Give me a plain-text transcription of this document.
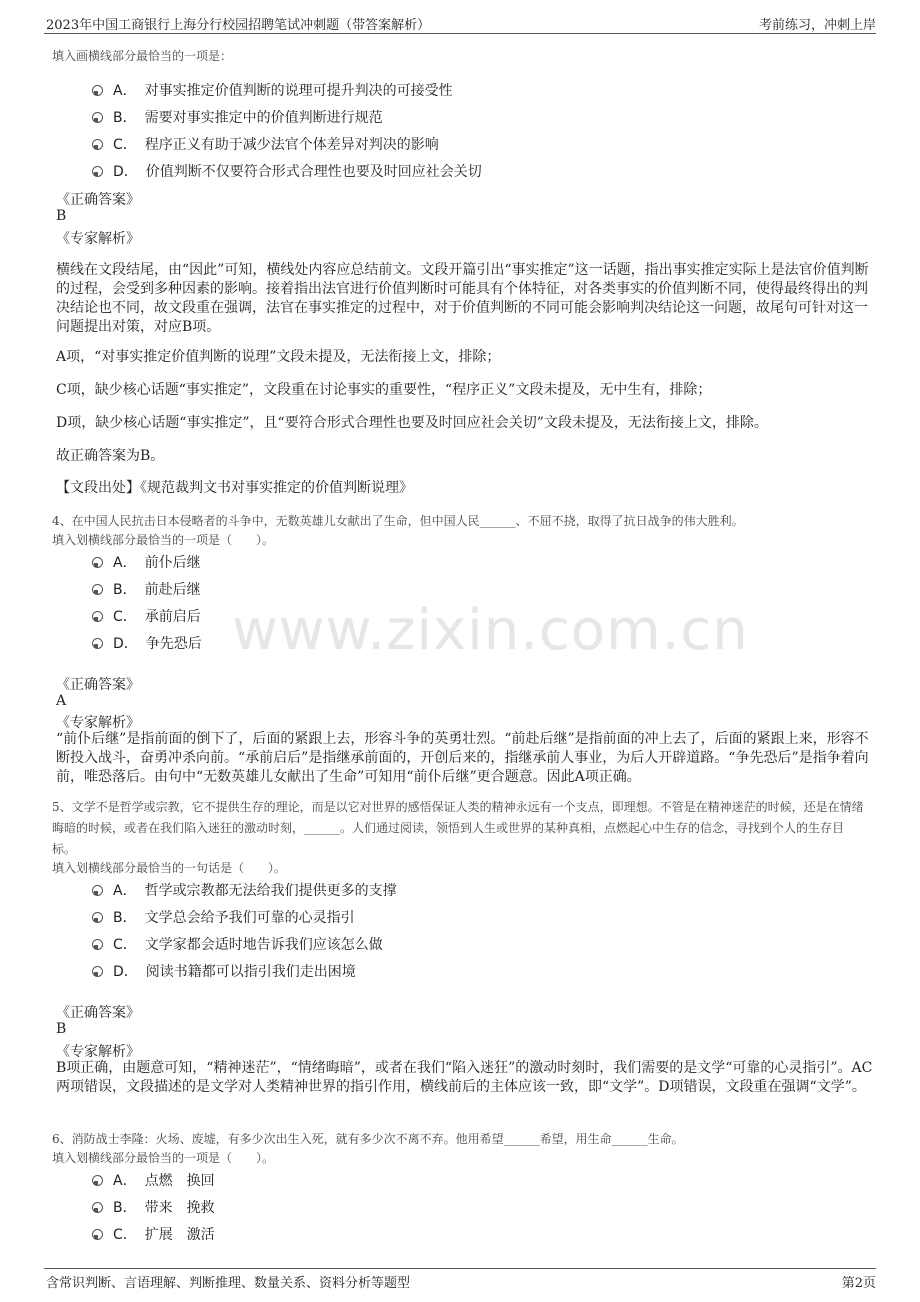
2023年中国工商银行上海分行校园招聘笔试冲刺题（带答案解析）	考前练习，冲刺上岸
www.zixin.com.cn
填入画横线部分最恰当的一项是：
A． 对事实推定价值判断的说理可提升判决的可接受性
B． 需要对事实推定中的价值判断进行规范
C． 程序正义有助于减少法官个体差异对判决的影响
D． 价值判断不仅要符合形式合理性也要及时回应社会关切
《正确答案》
B
《专家解析》
横线在文段结尾，由“因此”可知，横线处内容应总结前文。文段开篇引出“事实推定”这一话题，指出事实推定实际上是法官价值判断的过程，会受到多种因素的影响。接着指出法官进行价值判断时可能具有个体特征，对各类事实的价值判断不同，使得最终得出的判决结论也不同，故文段重在强调，法官在事实推定的过程中，对于价值判断的不同可能会影响判决结论这一问题，故尾句可针对这一问题提出对策，对应B项。
A项，“对事实推定价值判断的说理”文段未提及，无法衔接上文，排除；
C项，缺少核心话题“事实推定”，文段重在讨论事实的重要性，“程序正义”文段未提及，无中生有，排除；
D项，缺少核心话题“事实推定”，且“要符合形式合理性也要及时回应社会关切”文段未提及，无法衔接上文，排除。
故正确答案为B。
【文段出处】《规范裁判文书对事实推定的价值判断说理》
4、在中国人民抗击日本侵略者的斗争中，无数英雄儿女献出了生命，但中国人民______、不屈不挠，取得了抗日战争的伟大胜利。
填入划横线部分最恰当的一项是（　　）。
A． 前仆后继
B． 前赴后继
C． 承前启后
D． 争先恐后
《正确答案》
A
《专家解析》
“前仆后继”是指前面的倒下了，后面的紧跟上去，形容斗争的英勇壮烈。“前赴后继”是指前面的冲上去了，后面的紧跟上来，形容不断投入战斗，奋勇冲杀向前。“承前启后”是指继承前面的，开创后来的，指继承前人事业，为后人开辟道路。“争先恐后”是指争着向前，唯恐落后。由句中“无数英雄儿女献出了生命”可知用“前仆后继”更合题意。因此A项正确。
5、文学不是哲学或宗教，它不提供生存的理论，而是以它对世界的感悟保证人类的精神永远有一个支点，即理想。不管是在精神迷茫的时候，还是在情绪晦暗的时候，或者在我们陷入迷狂的激动时刻，______。人们通过阅读，领悟到人生或世界的某种真相，点燃起心中生存的信念，寻找到个人的生存目标。
填入划横线部分最恰当的一句话是（　　）。
A． 哲学或宗教都无法给我们提供更多的支撑
B． 文学总会给予我们可靠的心灵指引
C． 文学家都会适时地告诉我们应该怎么做
D． 阅读书籍都可以指引我们走出困境
《正确答案》
B
《专家解析》
B项正确，由题意可知，“精神迷茫”，“情绪晦暗”，或者在我们“陷入迷狂”的激动时刻时，我们需要的是文学“可靠的心灵指引”。AC两项错误，文段描述的是文学对人类精神世界的指引作用，横线前后的主体应该一致，即“文学”。D项错误，文段重在强调“文学”。
6、消防战士李隆：火场、废墟，有多少次出生入死，就有多少次不离不弃。他用希望______希望，用生命______生命。
填入划横线部分最恰当的一项是（　　）。
A． 点燃　换回
B． 带来　挽救
C． 扩展　激活
含常识判断、言语理解、判断推理、数量关系、资料分析等题型	第2页
